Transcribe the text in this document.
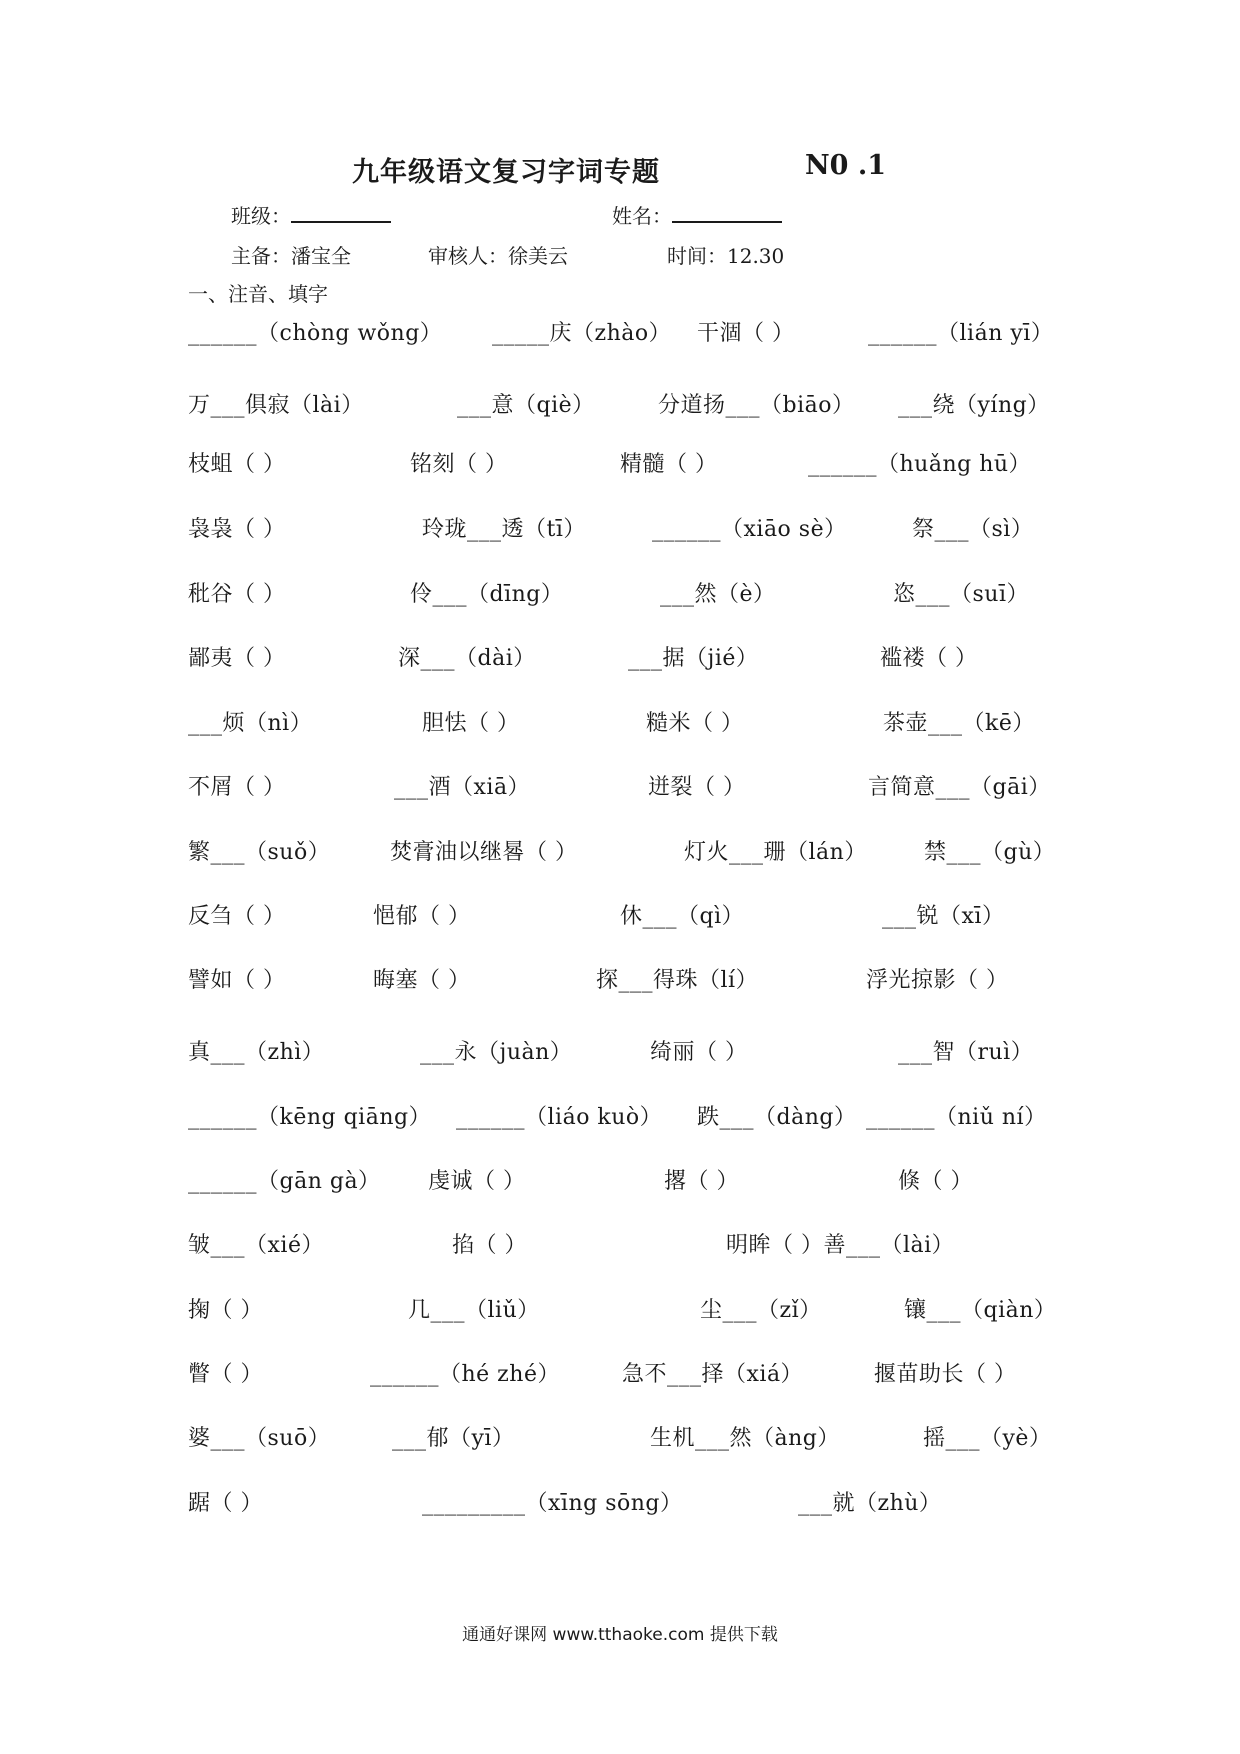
九年级语文复习字词专题	N0 .1
班级：	姓名：
主备：潘宝全	审核人：徐美云	时间：12.30
一、注音、填字
______（chòng wǒng） _____庆（zhào） 干涸（ ）	______（lián yī）
万___俱寂（lài）	___意（qiè）	分道扬___（biāo） ___绕（yíng）
枝蛆（ ）	铭刻（ ）	精髓（ ）	______（huǎng hū）
袅袅（ ）	玲珑___透（tī）	______（xiāo sè）	祭___（sì）
秕谷（ ）	伶___（dīng）	___然（è）	恣___（suī）
鄙夷（ ）	深___（dài）	___据（jié）	褴褛（ ）
___烦（nì）	胆怯（ ）	糙米（ ）	茶壶___（kē）
不屑（ ）	___酒（xiā）	迸裂（ ）	言简意___（gāi）
繁___（suǒ）	焚膏油以继晷（ ）	灯火___珊（lán）	禁___（gù）
反刍（ ）	悒郁（ ）	休___（qì）	___锐（xī）
譬如（ ）	晦塞（ ）	探___得珠（lí）	浮光掠影（ ）
真___（zhì）	___永（juàn）	绮丽（ ）	___智（ruì）
______（kēng qiāng） ______（liáo kuò） 跌___（dàng） ______（niǔ ní）
______（gān gà） 虔诚（ ）	撂（ ）	倏（ ）
皱___（xié）	掐（ ）	明眸（ ）善___（lài）
掬（ ）	几___（liǔ）	尘___（zǐ）	镶___（qiàn）
瞥（ ）	______（hé zhé）	急不___择（xiá）	揠苗助长（ ）
婆___（suō）	___郁（yī）	生机___然（àng）	摇___（yè）
踞（ ）	_________（xīng sōng）	___就（zhù）
通通好课网 www.tthaoke.com 提供下载
